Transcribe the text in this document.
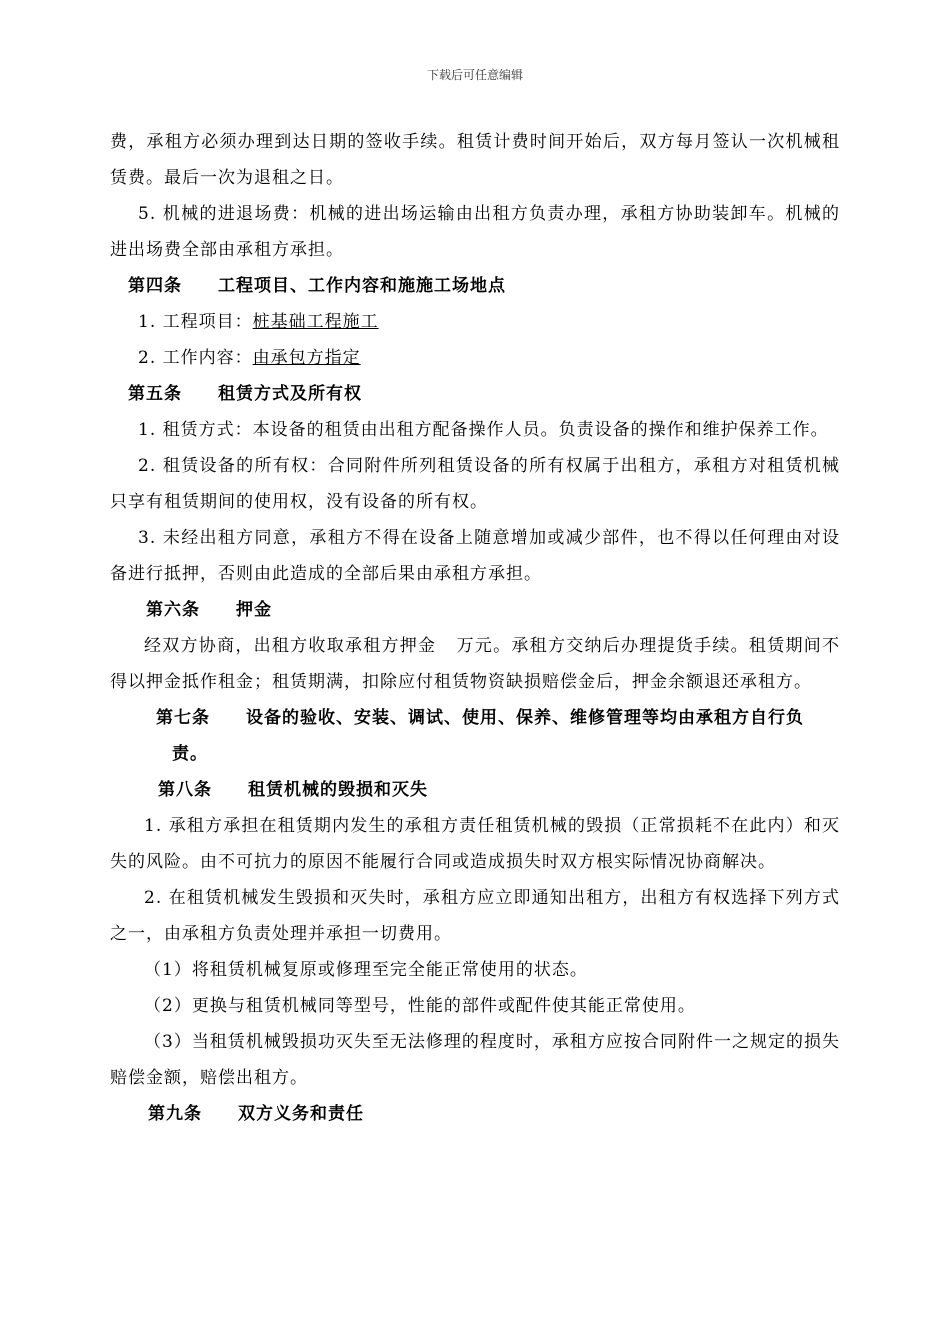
下载后可任意编辑

费，承租方必须办理到达日期的签收手续。租赁计费时间开始后，双方每月签认一次机械租赁费。最后一次为退租之日。

5. 机械的进退场费：机械的进出场运输由出租方负责办理，承租方协助装卸车。机械的进出场费全部由承租方承担。

第四条 工程项目、工作内容和施施工场地点

1. 工程项目：桩基础工程施工

2. 工作内容：由承包方指定

第五条 租赁方式及所有权

1. 租赁方式：本设备的租赁由出租方配备操作人员。负责设备的操作和维护保养工作。

2. 租赁设备的所有权：合同附件所列租赁设备的所有权属于出租方，承租方对租赁机械只享有租赁期间的使用权，没有设备的所有权。

3. 未经出租方同意，承租方不得在设备上随意增加或减少部件，也不得以任何理由对设备进行抵押，否则由此造成的全部后果由承租方承担。

第六条 押金

经双方协商，出租方收取承租方押金 万元。承租方交纳后办理提货手续。租赁期间不得以押金抵作租金；租赁期满，扣除应付租赁物资缺损赔偿金后，押金余额退还承租方。

第七条 设备的验收、安装、调试、使用、保养、维修管理等均由承租方自行负
责。

第八条 租赁机械的毁损和灭失

1. 承租方承担在租赁期内发生的承租方责任租赁机械的毁损（正常损耗不在此内）和灭失的风险。由不可抗力的原因不能履行合同或造成损失时双方根实际情况协商解决。

2. 在租赁机械发生毁损和灭失时，承租方应立即通知出租方，出租方有权选择下列方式之一，由承租方负责处理并承担一切费用。

（1）将租赁机械复原或修理至完全能正常使用的状态。

（2）更换与租赁机械同等型号，性能的部件或配件使其能正常使用。

（3）当租赁机械毁损功灭失至无法修理的程度时，承租方应按合同附件一之规定的损失赔偿金额，赔偿出租方。

第九条 双方义务和责任
